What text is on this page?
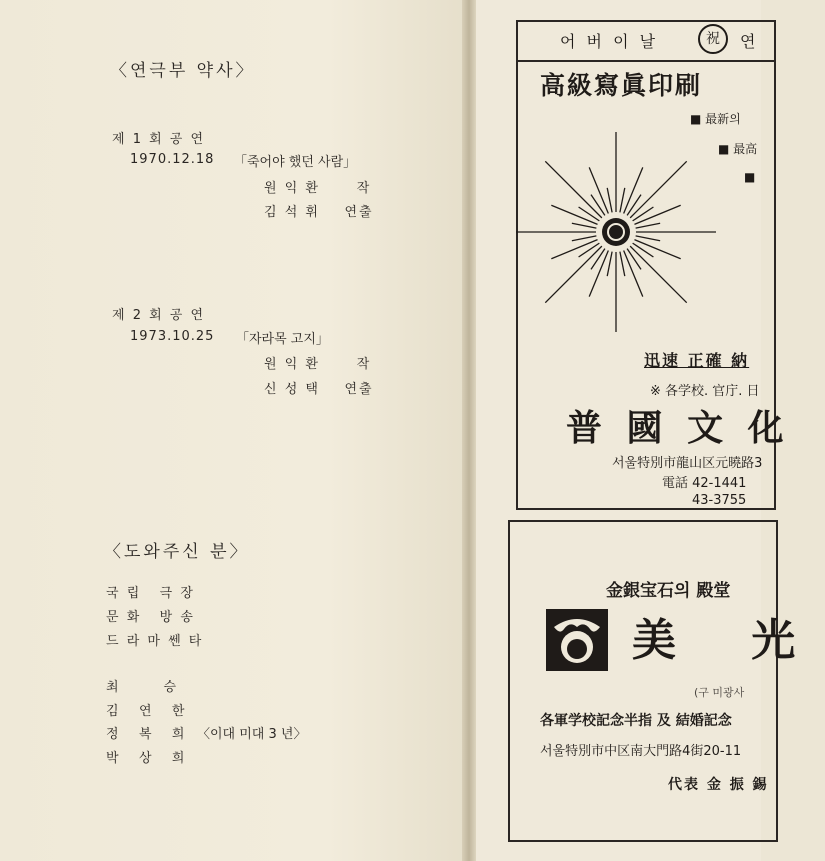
〈연극부 약사〉
제 1 회 공 연
1970.12.18 「죽어야 했던 사람」
원 익 환      작
김 석 휘    연출
제 2 회 공 연
1973.10.25 「자라목 고지」
원 익 환      작
신 성 택    연출
〈도와주신 분〉
국 립   극 장
문 화   방 송
드 라 마 쎈 타
최       승
김   연   한
정   복   희 〈이대 미대 3 년〉
박   상   희
어 버 이 날	祝	연
高級寫眞印刷
■ 最新의
■ 最高
■
迅速 正確 納
※ 各学校. 官庁. 日
普 國 文 化
서울特別市龍山区元曉路3
電話 42-1441
43-3755
金銀宝石의 殿堂
美 光
(구 미광사
各軍学校記念半指 及 結婚記念
서울特別市中区南大門路4街20-11
代表 金 振 錫
